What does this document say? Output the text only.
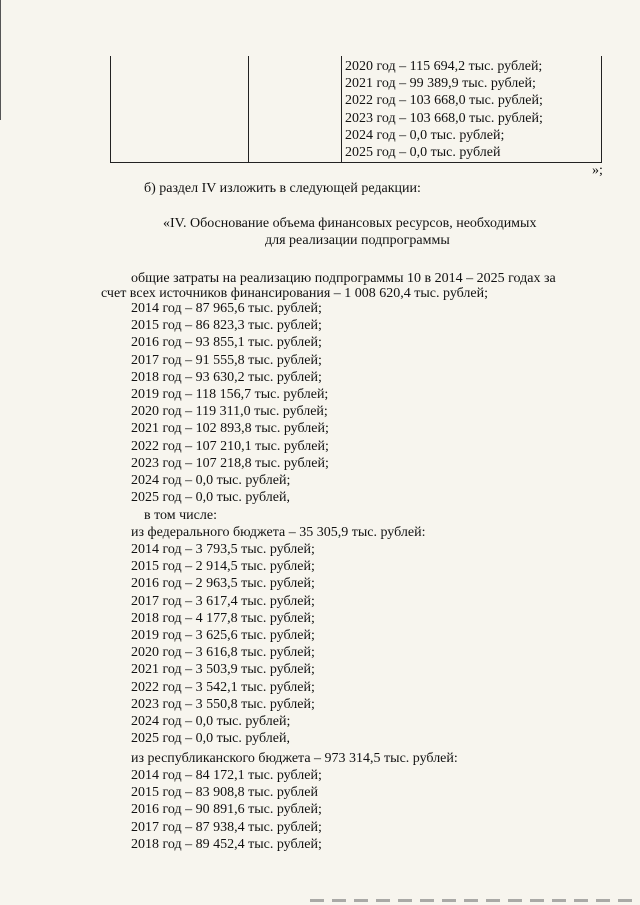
2020 год – 115 694,2 тыс. рублей;
2021 год – 99 389,9 тыс. рублей;
2022 год – 103 668,0 тыс. рублей;
2023 год – 103 668,0 тыс. рублей;
2024 год – 0,0 тыс. рублей;
2025 год – 0,0 тыс. рублей
»;
б) раздел IV изложить в следующей редакции:
«IV. Обоснование объема финансовых ресурсов, необходимых
для реализации подпрограммы
общие затраты на реализацию подпрограммы 10 в 2014 – 2025 годах за
счет всех источников финансирования – 1 008 620,4 тыс. рублей;
2014 год – 87 965,6 тыс. рублей;
2015 год – 86 823,3 тыс. рублей;
2016 год – 93 855,1 тыс. рублей;
2017 год – 91 555,8 тыс. рублей;
2018 год – 93 630,2 тыс. рублей;
2019 год – 118 156,7 тыс. рублей;
2020 год – 119 311,0 тыс. рублей;
2021 год – 102 893,8 тыс. рублей;
2022 год – 107 210,1 тыс. рублей;
2023 год – 107 218,8 тыс. рублей;
2024 год – 0,0 тыс. рублей;
2025 год – 0,0 тыс. рублей,
в том числе:
из федерального бюджета – 35 305,9 тыс. рублей:
2014 год – 3 793,5 тыс. рублей;
2015 год – 2 914,5 тыс. рублей;
2016 год – 2 963,5 тыс. рублей;
2017 год – 3 617,4 тыс. рублей;
2018 год – 4 177,8 тыс. рублей;
2019 год – 3 625,6 тыс. рублей;
2020 год – 3 616,8 тыс. рублей;
2021 год – 3 503,9 тыс. рублей;
2022 год – 3 542,1 тыс. рублей;
2023 год – 3 550,8 тыс. рублей;
2024 год – 0,0 тыс. рублей;
2025 год – 0,0 тыс. рублей,
из республиканского бюджета – 973 314,5 тыс. рублей:
2014 год – 84 172,1 тыс. рублей;
2015 год – 83 908,8 тыс. рублей
2016 год – 90 891,6 тыс. рублей;
2017 год – 87 938,4 тыс. рублей;
2018 год – 89 452,4 тыс. рублей;
